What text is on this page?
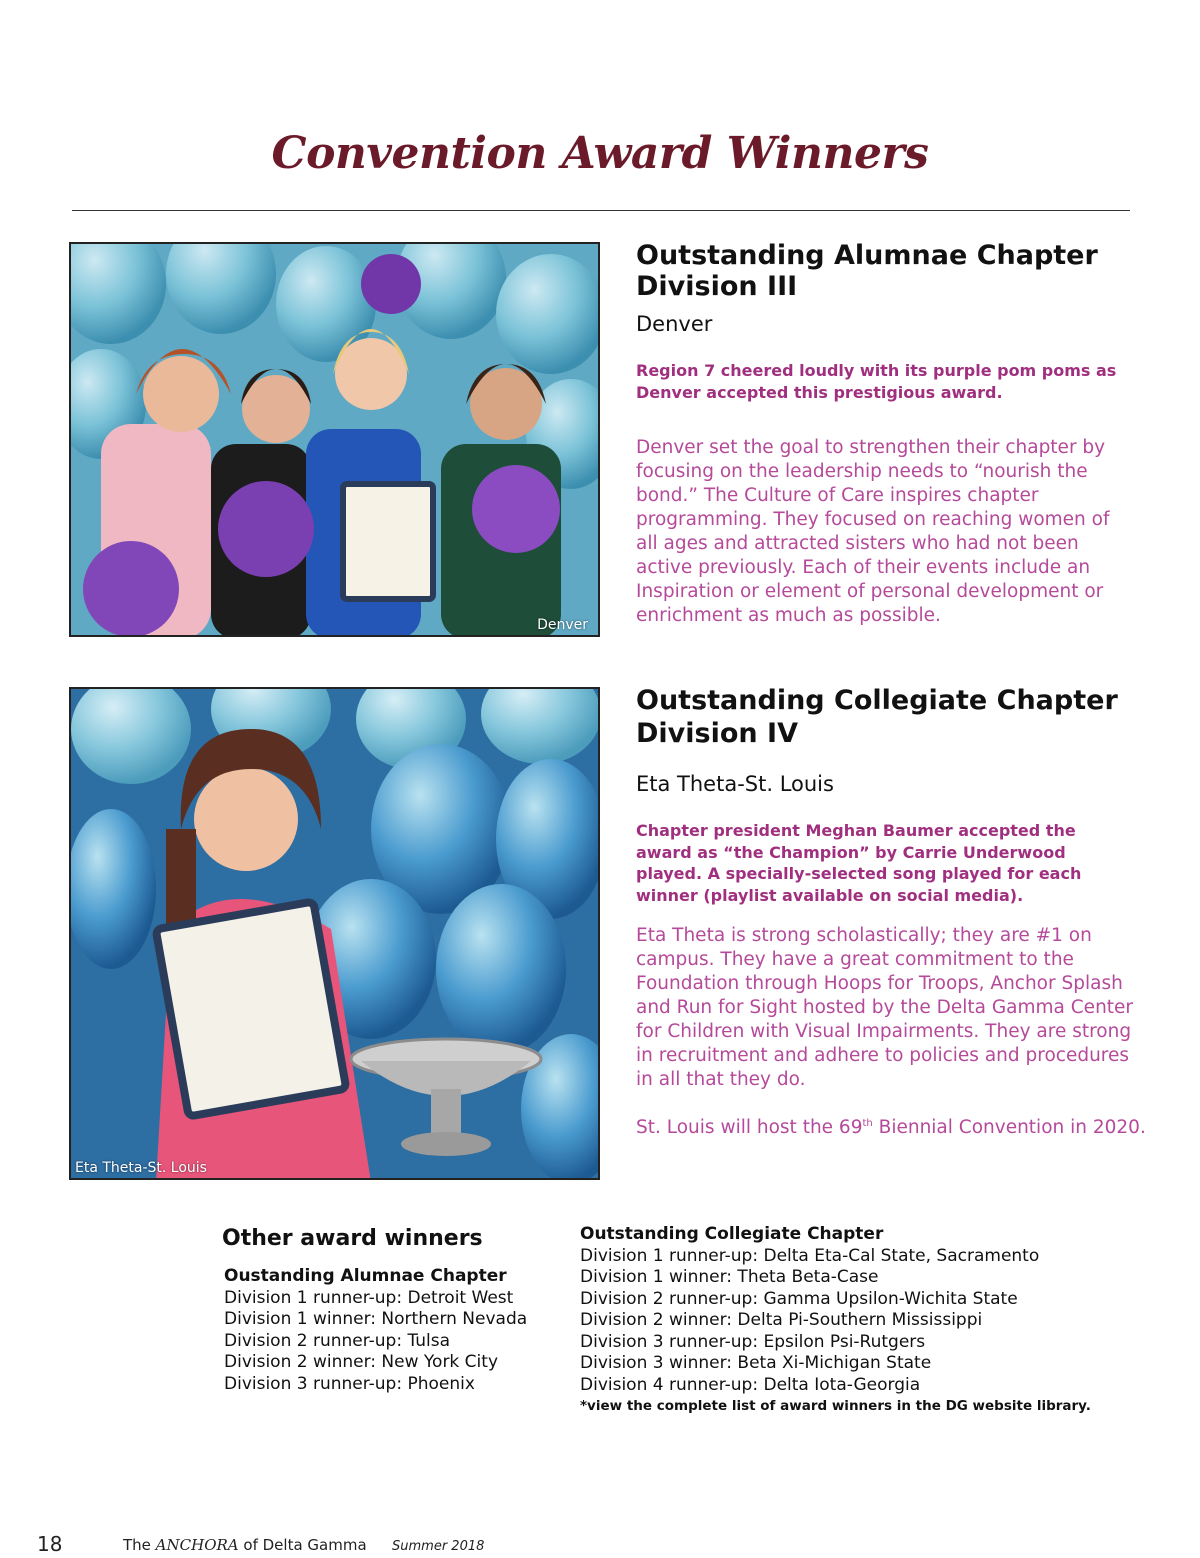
Convention Award Winners
Denver
Outstanding Alumnae Chapter
Division III
Denver
Region 7 cheered loudly with its purple pom poms as Denver accepted this prestigious award.
Denver set the goal to strengthen their chapter by focusing on the leadership needs to “nourish the bond.” The Culture of Care inspires chapter programming. They focused on reaching women of all ages and attracted sisters who had not been active previously. Each of their events include an Inspiration or element of personal development or enrichment as much as possible.
Eta Theta-St. Louis
Outstanding Collegiate Chapter
Division IV
Eta Theta-St. Louis
Chapter president Meghan Baumer accepted the award as “the Champion” by Carrie Underwood played. A specially-selected song played for each winner (playlist available on social media).
Eta Theta is strong scholastically; they are #1 on campus. They have a great commitment to the Foundation through Hoops for Troops, Anchor Splash and Run for Sight hosted by the Delta Gamma Center for Children with Visual Impairments. They are strong in recruitment and adhere to policies and procedures in all that they do.
St. Louis will host the 69th Biennial Convention in 2020.
Other award winners
Oustanding Alumnae Chapter
Division 1 runner-up: Detroit West
Division 1 winner: Northern Nevada
Division 2 runner-up: Tulsa
Division 2 winner: New York City
Division 3 runner-up: Phoenix
Outstanding Collegiate Chapter
Division 1 runner-up: Delta Eta-Cal State, Sacramento
Division 1 winner: Theta Beta-Case
Division 2 runner-up: Gamma Upsilon-Wichita State
Division 2 winner: Delta Pi-Southern Mississippi
Division 3 runner-up: Epsilon Psi-Rutgers
Division 3 winner: Beta Xi-Michigan State
Division 4 runner-up: Delta Iota-Georgia
*view the complete list of award winners in the DG website library.
18	The ANCHORA of Delta Gamma Summer 2018
